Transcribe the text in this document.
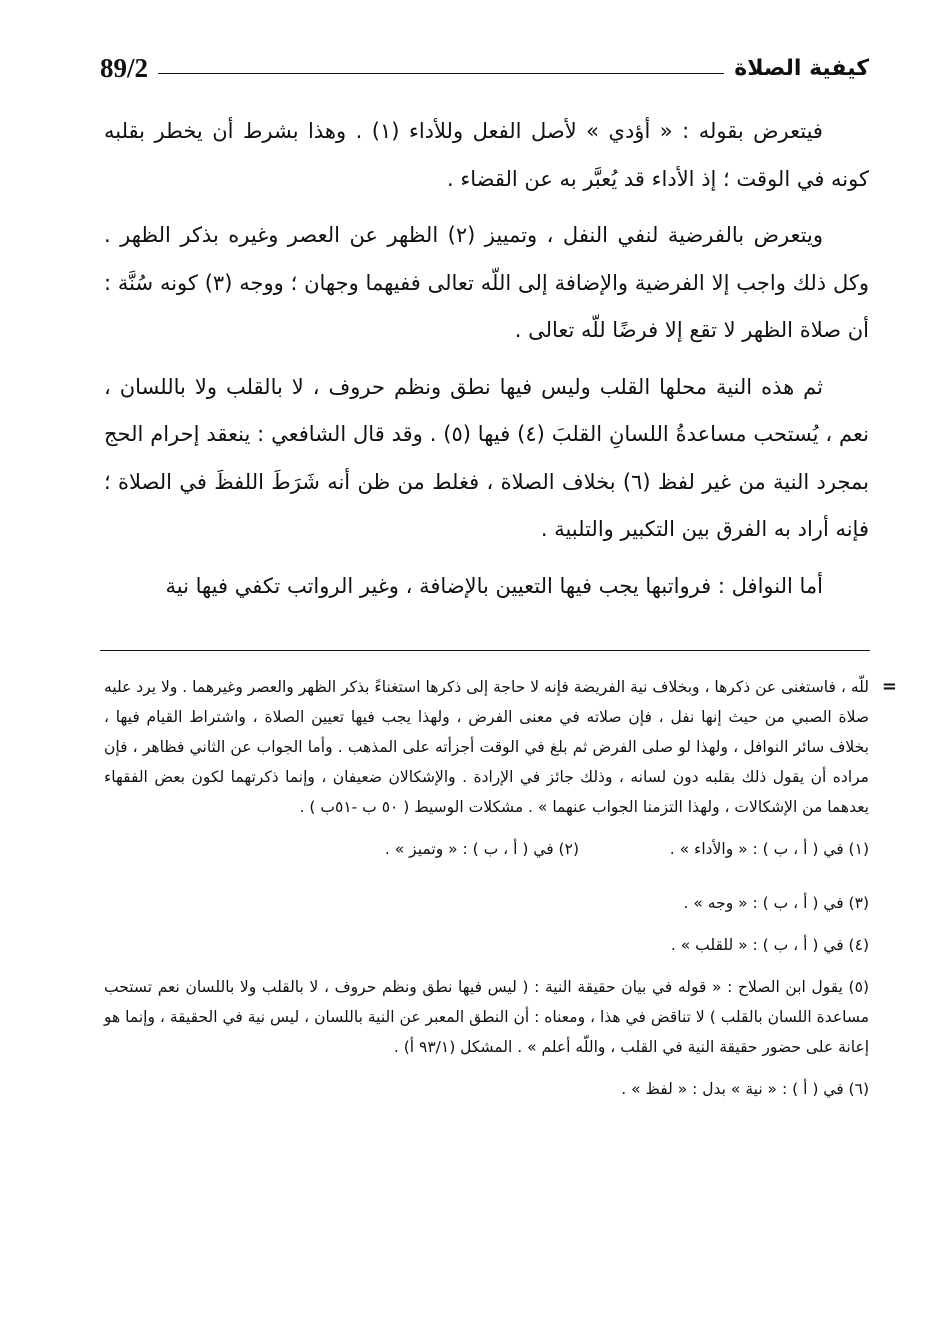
89/2	كيفية الصلاة

فيتعرض بقوله : « أؤدي » لأصل الفعل وللأداء (١) . وهذا بشرط أن يخطر بقلبه كونه في الوقت ؛ إذ الأداء قد يُعبَّر به عن القضاء .

ويتعرض بالفرضية لنفي النفل ، وتمييز (٢) الظهر عن العصر وغيره بذكر الظهر . وكل ذلك واجب إلا الفرضية والإضافة إلى اللّه تعالى ففيهما وجهان ؛ ووجه (٣) كونه سُنَّة : أن صلاة الظهر لا تقع إلا فرضًا للّه تعالى .

ثم هذه النية محلها القلب وليس فيها نطق ونظم حروف ، لا بالقلب ولا باللسان ، نعم ، يُستحب مساعدةُ اللسانِ القلبَ (٤) فيها (٥) . وقد قال الشافعي : ينعقد إحرام الحج بمجرد النية من غير لفظ (٦) بخلاف الصلاة ، فغلط من ظن أنه شَرَطَ اللفظَ في الصلاة ؛ فإنه أراد به الفرق بين التكبير والتلبية .

أما النوافل : فرواتبها يجب فيها التعيين بالإضافة ، وغير الرواتب تكفي فيها نية

=
للّه ، فاستغنى عن ذكرها ، وبخلاف نية الفريضة فإنه لا حاجة إلى ذكرها استغناءً بذكر الظهر والعصر وغيرهما . ولا يرد عليه صلاة الصبي من حيث إنها نفل ، فإن صلاته في معنى الفرض ، ولهذا يجب فيها تعيين الصلاة ، واشتراط القيام فيها ، بخلاف سائر النوافل ، ولهذا لو صلى الفرض ثم بلغ في الوقت أجزأته على المذهب . وأما الجواب عن الثاني فظاهر ، فإن مراده أن يقول ذلك بقلبه دون لسانه ، وذلك جائز في الإرادة . والإشكالان ضعيفان ، وإنما ذكرتهما لكون بعض الفقهاء يعدهما من الإشكالات ، ولهذا التزمنا الجواب عنهما » . مشكلات الوسيط ( ٥٠ ب -٥١ب ) .
(١) في ( أ ، ب ) : « والأداء » .
(٢) في ( أ ، ب ) : « وتميز » .
(٣) في ( أ ، ب ) : « وجه » .
(٤) في ( أ ، ب ) : « للقلب » .
(٥) يقول ابن الصلاح : « قوله في بيان حقيقة النية : ( ليس فيها نطق ونظم حروف ، لا بالقلب ولا باللسان نعم تستحب مساعدة اللسان بالقلب ) لا تناقض في هذا ، ومعناه : أن النطق المعبر عن النية باللسان ، ليس نية في الحقيقة ، وإنما هو إعانة على حضور حقيقة النية في القلب ، واللّه أعلم » . المشكل (٩٣/١ أ) .
(٦) في ( أ ) : « نية » بدل : « لفظ » .
